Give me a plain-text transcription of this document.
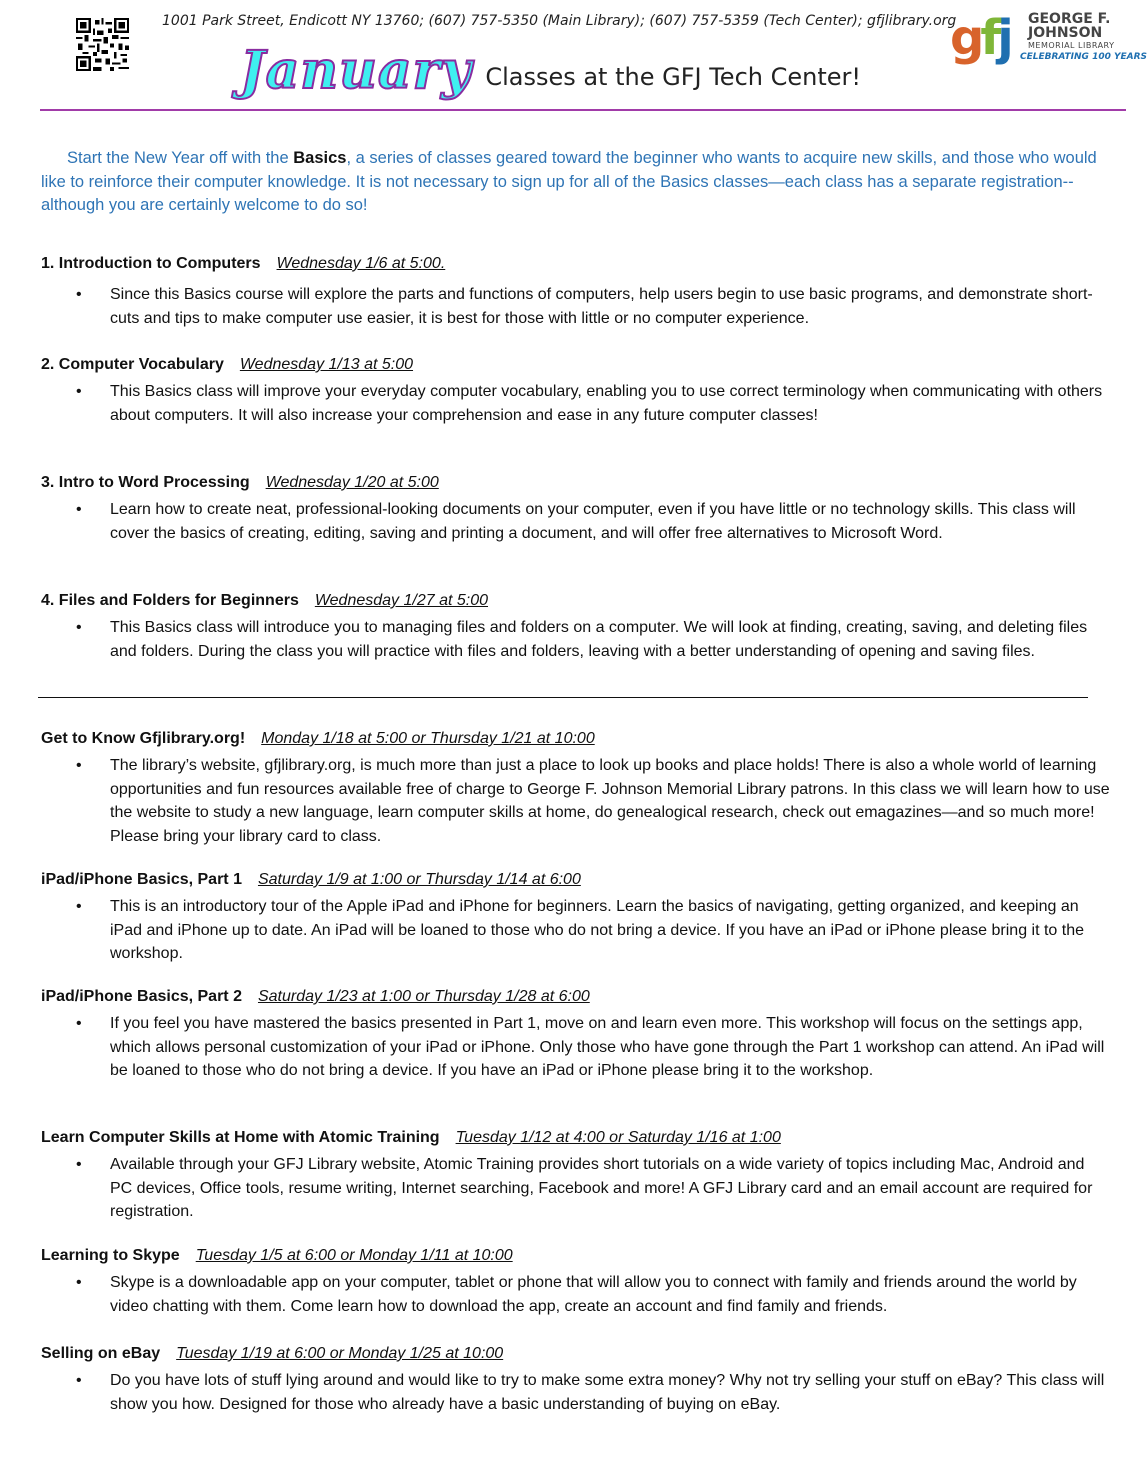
1001 Park Street, Endicott NY 13760; (607) 757-5350 (Main Library); (607) 757-5359 (Tech Center); gfjlibrary.org
January Classes at the GFJ Tech Center!
gfj GEORGE F.
JOHNSON
MEMORIAL LIBRARY
CELEBRATING 100 YEARS
Start the New Year off with the Basics, a series of classes geared toward the beginner who wants to acquire new skills, and those who would like to reinforce their computer knowledge. It is not necessary to sign up for all of the Basics classes—each class has a separate registration--although you are certainly welcome to do so!
1. Introduction to Computers Wednesday 1/6 at 5:00.
• Since this Basics course will explore the parts and functions of computers, help users begin to use basic programs, and demonstrate short-cuts and tips to make computer use easier, it is best for those with little or no computer experience.
2. Computer Vocabulary Wednesday 1/13 at 5:00
• This Basics class will improve your everyday computer vocabulary, enabling you to use correct terminology when communicating with others about computers. It will also increase your comprehension and ease in any future computer classes!
3. Intro to Word Processing Wednesday 1/20 at 5:00
• Learn how to create neat, professional-looking documents on your computer, even if you have little or no technology skills. This class will cover the basics of creating, editing, saving and printing a document, and will offer free alternatives to Microsoft Word.
4. Files and Folders for Beginners Wednesday 1/27 at 5:00
• This Basics class will introduce you to managing files and folders on a computer. We will look at finding, creating, saving, and deleting files and folders. During the class you will practice with files and folders, leaving with a better understanding of opening and saving files.
Get to Know Gfjlibrary.org! Monday 1/18 at 5:00 or Thursday 1/21 at 10:00
• The library’s website, gfjlibrary.org, is much more than just a place to look up books and place holds! There is also a whole world of learning opportunities and fun resources available free of charge to George F. Johnson Memorial Library patrons. In this class we will learn how to use the website to study a new language, learn computer skills at home, do genealogical research, check out emagazines—and so much more! Please bring your library card to class.
iPad/iPhone Basics, Part 1 Saturday 1/9 at 1:00 or Thursday 1/14 at 6:00
• This is an introductory tour of the Apple iPad and iPhone for beginners. Learn the basics of navigating, getting organized, and keeping an iPad and iPhone up to date. An iPad will be loaned to those who do not bring a device. If you have an iPad or iPhone please bring it to the workshop.
iPad/iPhone Basics, Part 2 Saturday 1/23 at 1:00 or Thursday 1/28 at 6:00
• If you feel you have mastered the basics presented in Part 1, move on and learn even more. This workshop will focus on the settings app, which allows personal customization of your iPad or iPhone. Only those who have gone through the Part 1 workshop can attend. An iPad will be loaned to those who do not bring a device. If you have an iPad or iPhone please bring it to the workshop.
Learn Computer Skills at Home with Atomic Training Tuesday 1/12 at 4:00 or Saturday 1/16 at 1:00
• Available through your GFJ Library website, Atomic Training provides short tutorials on a wide variety of topics including Mac, Android and PC devices, Office tools, resume writing, Internet searching, Facebook and more! A GFJ Library card and an email account are required for registration.
Learning to Skype Tuesday 1/5 at 6:00 or Monday 1/11 at 10:00
• Skype is a downloadable app on your computer, tablet or phone that will allow you to connect with family and friends around the world by video chatting with them. Come learn how to download the app, create an account and find family and friends.
Selling on eBay Tuesday 1/19 at 6:00 or Monday 1/25 at 10:00
• Do you have lots of stuff lying around and would like to try to make some extra money? Why not try selling your stuff on eBay? This class will show you how. Designed for those who already have a basic understanding of buying on eBay.
